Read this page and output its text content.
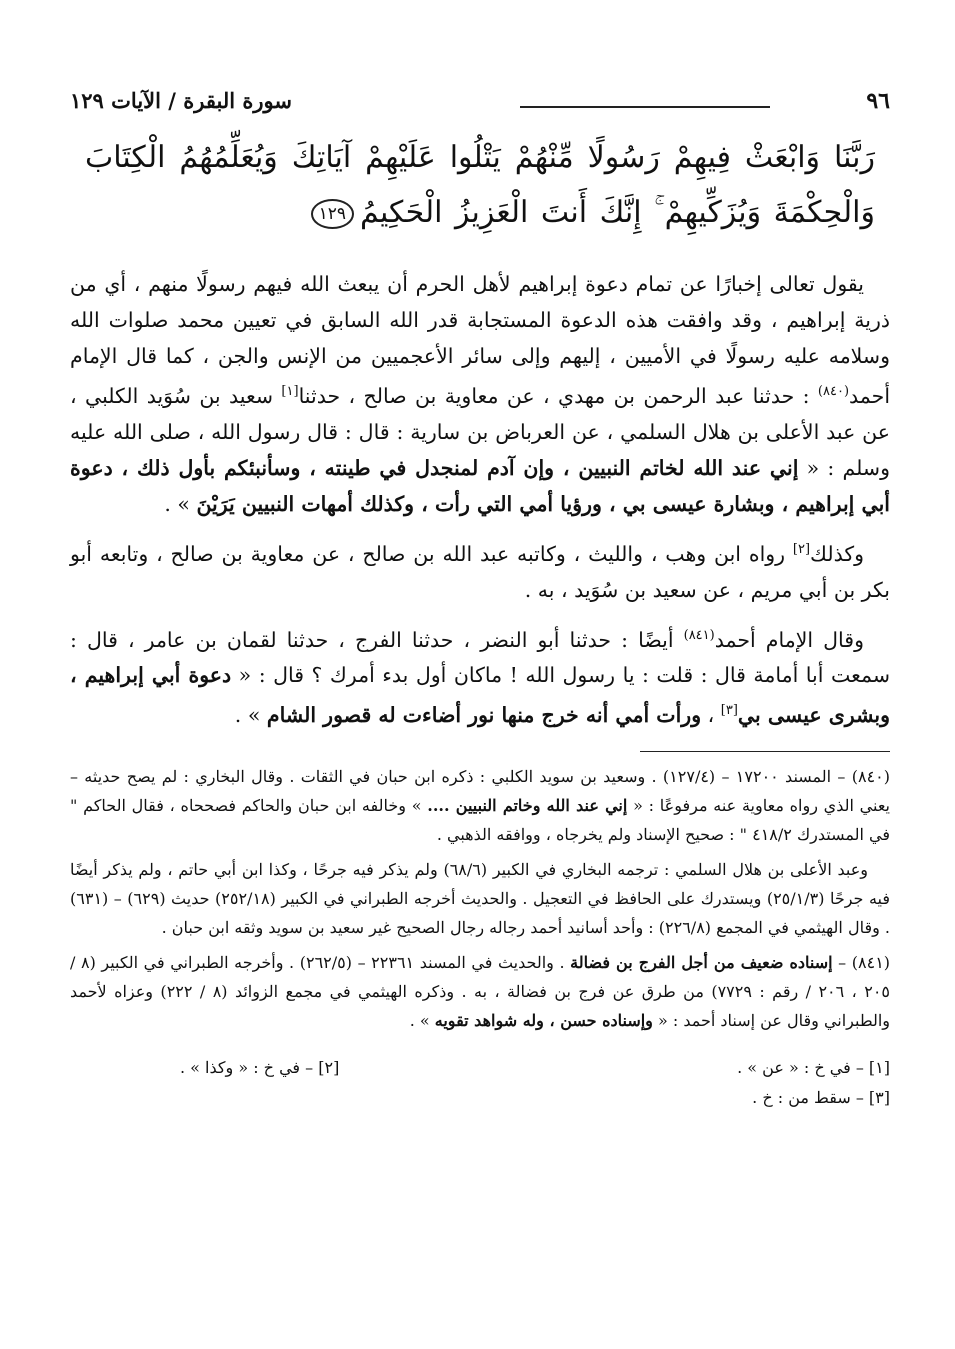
٩٦
سورة البقرة / الآيات ١٢٩
رَبَّنَا وَابْعَثْ فِيهِمْ رَسُولًا مِّنْهُمْ يَتْلُوا عَلَيْهِمْ آيَاتِكَ وَيُعَلِّمُهُمُ الْكِتَابَ وَالْحِكْمَةَ وَيُزَكِّيهِمْ ۚ إِنَّكَ أَنتَ الْعَزِيزُ الْحَكِيمُ١٢٩

يقول تعالى إخبارًا عن تمام دعوة إبراهيم لأهل الحرم أن يبعث الله فيهم رسولًا منهم ، أي من ذرية إبراهيم ، وقد وافقت هذه الدعوة المستجابة قدر الله السابق في تعيين محمد صلوات الله وسلامه عليه رسولًا في الأميين ، إليهم وإلى سائر الأعجميين من الإنس والجن ، كما قال الإمام أحمد$^{(٨٤٠)}$ : حدثنا عبد الرحمن بن مهدي ، عن معاوية بن صالح ، حدثنا[١] سعيد بن سُوَيد الكلبي ، عن عبد الأعلى بن هلال السلمي ، عن العرباض بن سارية : قال : قال رسول الله ، صلى الله عليه وسلم : « إني عند الله لخاتم النبيين ، وإن آدم لمنجدل في طينته ، وسأنبئكم بأول ذلك ، دعوة أبي إبراهيم ، وبشارة عيسى بي ، ورؤيا أمي التي رأت ، وكذلك أمهات النبيين يَرَيْنَ » .

وكذلك[٢] رواه ابن وهب ، والليث ، وكاتبه عبد الله بن صالح ، عن معاوية بن صالح ، وتابعه أبو بكر بن أبي مريم ، عن سعيد بن سُوَيد ، به .

وقال الإمام أحمد$^{(٨٤١)}$ أيضًا : حدثنا أبو النضر ، حدثنا الفرج ، حدثنا لقمان بن عامر ، قال : سمعت أبا أمامة قال : قلت : يا رسول الله ! ماكان أول بدء أمرك ؟ قال : « دعوة أبي إبراهيم ، وبشرى عيسى بي[٣] ، ورأت أمي أنه خرج منها نور أضاءت له قصور الشام » .

(٨٤٠) – المسند ١٧٢٠٠ – (١٢٧/٤) . وسعيد بن سويد الكلبي : ذكره ابن حبان في الثقات . وقال البخاري : لم يصح حديثه – يعني الذي رواه معاوية عنه مرفوعًا : « إني عند الله وخاتم النبيين .... » وخالفه ابن حبان والحاكم فصححاه ، فقال الحاكم " في المستدرك ٤١٨/٢ " : صحيح الإسناد ولم يخرجاه ، ووافقه الذهبي .

وعبد الأعلى بن هلال السلمي : ترجمه البخاري في الكبير (٦٨/٦) ولم يذكر فيه جرحًا ، وكذا ابن أبي حاتم ، ولم يذكر أيضًا فيه جرحًا (٢٥/١/٣) ويستدرك على الحافظ في التعجيل . والحديث أخرجه الطبراني في الكبير (٢٥٢/١٨) حديث (٦٢٩) – (٦٣١) . وقال الهيثمي في المجمع (٢٢٦/٨) : وأحد أسانيد أحمد رجاله رجال الصحيح غير سعيد بن سويد وثقه ابن حبان .

(٨٤١) – إسناده ضعيف من أجل الفرج بن فضالة . والحديث في المسند ٢٢٣٦١ – (٢٦٢/٥) . وأخرجه الطبراني في الكبير (٨ / ٢٠٥ ، ٢٠٦ / رقم : ٧٧٢٩) من طرق عن فرج بن فضالة ، به . وذكره الهيثمي في مجمع الزوائد (٨ / ٢٢٢) وعزاه لأحمد والطبراني وقال عن إسناد أحمد : « وإسناده حسن ، وله شواهد تقويه » .

[١] – في خ : « عن » .
[٢] – في خ : « وكذا » .
[٣] – سقط من : خ .
